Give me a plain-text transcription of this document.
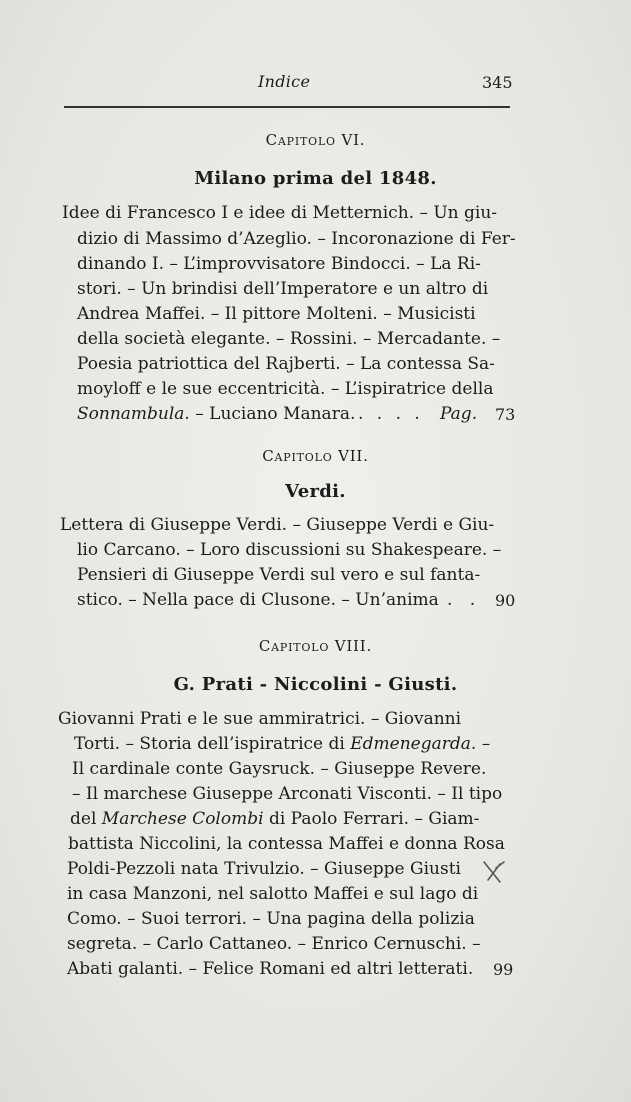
Indice	345
Capitolo VI.
Milano prima del 1848.
Idee di Francesco I e idee di Metternich. – Un giu-
dizio di Massimo d’Azeglio. – Incoronazione di Fer-
dinando I. – L’improvvisatore Bindocci. – La Ri-
stori. – Un brindisi dell’Imperatore e un altro di
Andrea Maffei. – Il pittore Molteni. – Musicisti
della società elegante. – Rossini. – Mercadante. –
Poesia patriottica del Rajberti. – La contessa Sa-
moyloff e le sue eccentricità. – L’ispiratrice della
Sonnambula. – Luciano Manara. . . . . Pag. 73
Capitolo VII.
Verdi.
Lettera di Giuseppe Verdi. – Giuseppe Verdi e Giu-
lio Carcano. – Loro discussioni su Shakespeare. –
Pensieri di Giuseppe Verdi sul vero e sul fanta-
stico. – Nella pace di Clusone. – Un’anima . . 90
Capitolo VIII.
G. Prati - Niccolini - Giusti.
Giovanni Prati e le sue ammiratrici. – Giovanni
Torti. – Storia dell’ispiratrice di Edmenegarda. –
Il cardinale conte Gaysruck. – Giuseppe Revere.
– Il marchese Giuseppe Arconati Visconti. – Il tipo
del Marchese Colombi di Paolo Ferrari. – Giam-
battista Niccolini, la contessa Maffei e donna Rosa
Poldi-Pezzoli nata Trivulzio. – Giuseppe Giusti
in casa Manzoni, nel salotto Maffei e sul lago di
Como. – Suoi terrori. – Una pagina della polizia
segreta. – Carlo Cattaneo. – Enrico Cernuschi. –
Abati galanti. – Felice Romani ed altri letterati. 99
